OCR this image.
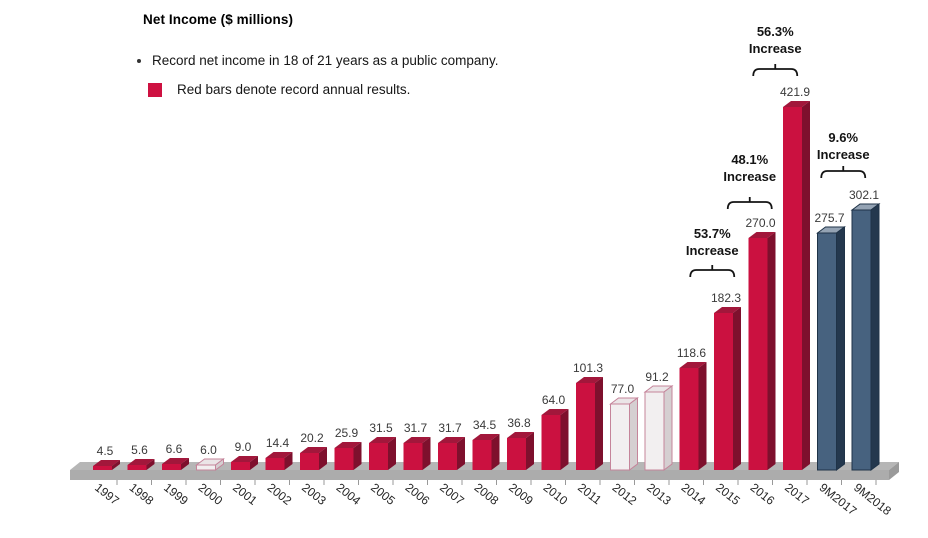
Net Income ($ millions)
Record net income in 18 of 21 years as a public company.
Red bars denote record annual results.
4.5
1997
5.6
1998
6.6
1999
6.0
2000
9.0
2001
14.4
2002
20.2
2003
25.9
2004
31.5
2005
31.7
2006
31.7
2007
34.5
2008
36.8
2009
64.0
2010
101.3
2011
77.0
2012
91.2
2013
118.6
2014
182.3
2015
270.0
2016
421.9
2017
275.7
9M2017
302.1
9M2018
53.7%
Increase
48.1%
Increase
56.3%
Increase
9.6%
Increase
